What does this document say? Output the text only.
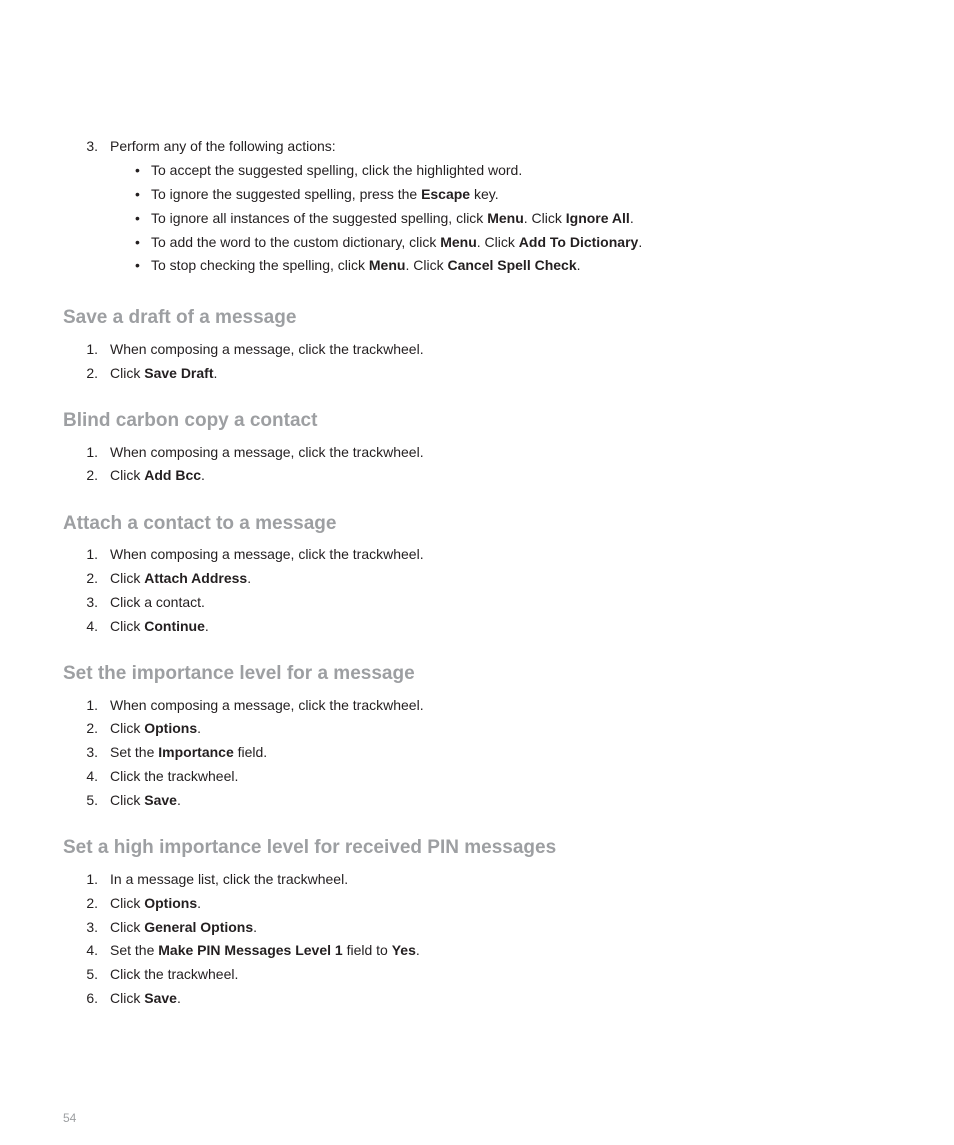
3. Perform any of the following actions:
• To accept the suggested spelling, click the highlighted word.
• To ignore the suggested spelling, press the Escape key.
• To ignore all instances of the suggested spelling, click Menu. Click Ignore All.
• To add the word to the custom dictionary, click Menu. Click Add To Dictionary.
• To stop checking the spelling, click Menu. Click Cancel Spell Check.
Save a draft of a message
1. When composing a message, click the trackwheel.
2. Click Save Draft.
Blind carbon copy a contact
1. When composing a message, click the trackwheel.
2. Click Add Bcc.
Attach a contact to a message
1. When composing a message, click the trackwheel.
2. Click Attach Address.
3. Click a contact.
4. Click Continue.
Set the importance level for a message
1. When composing a message, click the trackwheel.
2. Click Options.
3. Set the Importance field.
4. Click the trackwheel.
5. Click Save.
Set a high importance level for received PIN messages
1. In a message list, click the trackwheel.
2. Click Options.
3. Click General Options.
4. Set the Make PIN Messages Level 1 field to Yes.
5. Click the trackwheel.
6. Click Save.
54
